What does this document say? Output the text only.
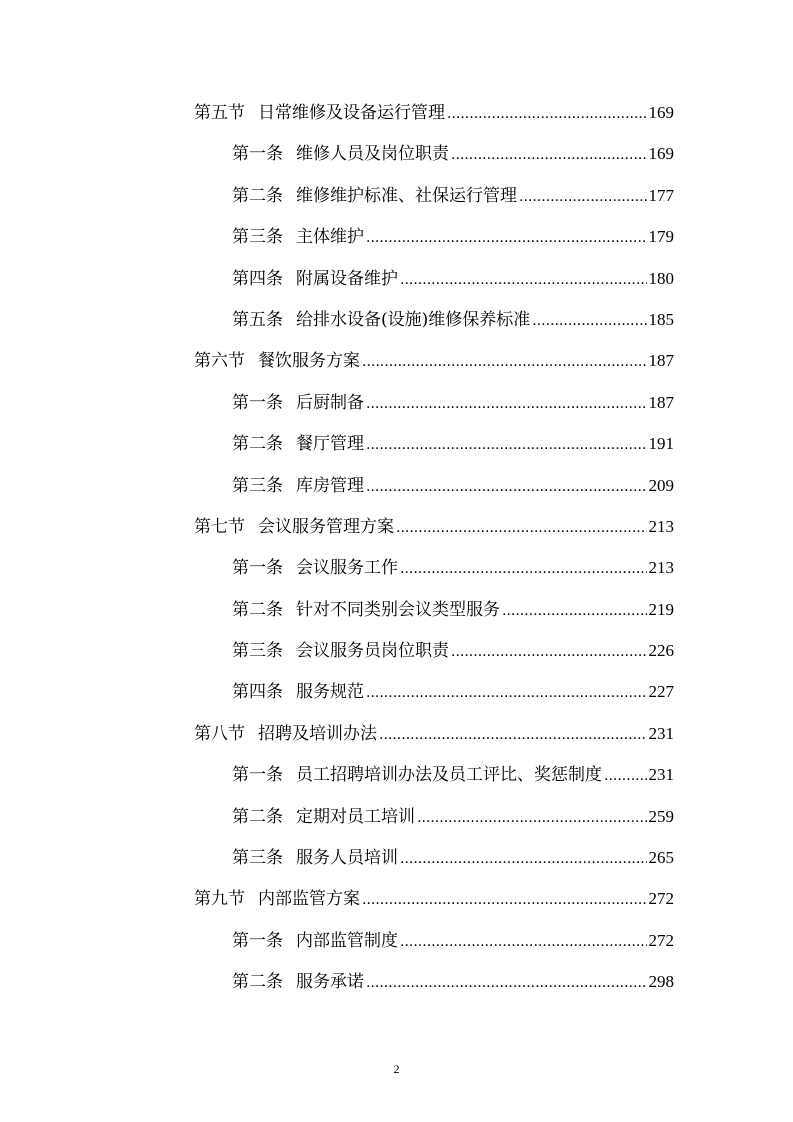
第五节 日常维修及设备运行管理 .....	169
第一条 维修人员及岗位职责 .....	169
第二条 维修维护标准、社保运行管理 .....	177
第三条 主体维护 .....	179
第四条 附属设备维护 .....	180
第五条 给排水设备(设施)维修保养标准 .....	185
第六节 餐饮服务方案 .....	187
第一条 后厨制备 .....	187
第二条 餐厅管理 .....	191
第三条 库房管理 .....	209
第七节 会议服务管理方案 .....	213
第一条 会议服务工作 .....	213
第二条 针对不同类别会议类型服务 .....	219
第三条 会议服务员岗位职责 .....	226
第四条 服务规范 .....	227
第八节 招聘及培训办法 .....	231
第一条 员工招聘培训办法及员工评比、奖惩制度 .....	231
第二条 定期对员工培训 .....	259
第三条 服务人员培训 .....	265
第九节 内部监管方案 .....	272
第一条 内部监管制度 .....	272
第二条 服务承诺 .....	298
2
